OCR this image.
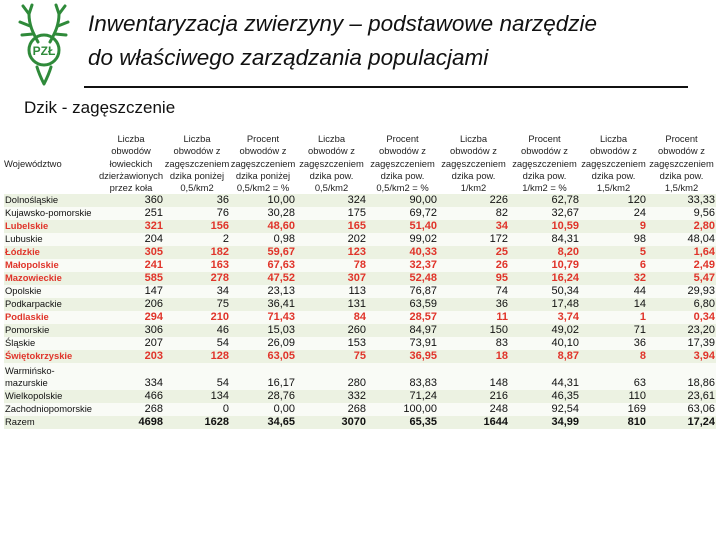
PZŁ
Inwentaryzacja zwierzyny – podstawowe narzędzie
do właściwego zarządzania populacjami
Dzik - zagęszczenie
Województwo	Liczba
obwodów
łowieckich
dzierżawionych
przez koła	Liczba
obwodów z
zagęszczeniem
dzika poniżej
0,5/km2	Procent
obwodów z
zagęszczeniem
dzika poniżej
0,5/km2 = %	Liczba
obwodów z
zagęszczeniem
dzika pow.
0,5/km2	Procent
obwodów z
zagęszczeniem
dzika pow.
0,5/km2 = %	Liczba
obwodów z
zagęszczeniem
dzika pow.
1/km2	Procent
obwodów z
zagęszczeniem
dzika pow.
1/km2 = %	Liczba
obwodów z
zagęszczeniem
dzika pow.
1,5/km2	Procent
obwodów z
zagęszczeniem
dzika pow.
1,5/km2
Dolnośląskie	360	36	10,00	324	90,00	226	62,78	120	33,33
Kujawsko-pomorskie	251	76	30,28	175	69,72	82	32,67	24	9,56
Lubelskie	321	156	48,60	165	51,40	34	10,59	9	2,80
Lubuskie	204	2	0,98	202	99,02	172	84,31	98	48,04
Łódzkie	305	182	59,67	123	40,33	25	8,20	5	1,64
Małopolskie	241	163	67,63	78	32,37	26	10,79	6	2,49
Mazowieckie	585	278	47,52	307	52,48	95	16,24	32	5,47
Opolskie	147	34	23,13	113	76,87	74	50,34	44	29,93
Podkarpackie	206	75	36,41	131	63,59	36	17,48	14	6,80
Podlaskie	294	210	71,43	84	28,57	11	3,74	1	0,34
Pomorskie	306	46	15,03	260	84,97	150	49,02	71	23,20
Śląskie	207	54	26,09	153	73,91	83	40,10	36	17,39
Świętokrzyskie	203	128	63,05	75	36,95	18	8,87	8	3,94
Warmińsko-
mazurskie	334	54	16,17	280	83,83	148	44,31	63	18,86
Wielkopolskie	466	134	28,76	332	71,24	216	46,35	110	23,61
Zachodniopomorskie	268	0	0,00	268	100,00	248	92,54	169	63,06
Razem	4698	1628	34,65	3070	65,35	1644	34,99	810	17,24
